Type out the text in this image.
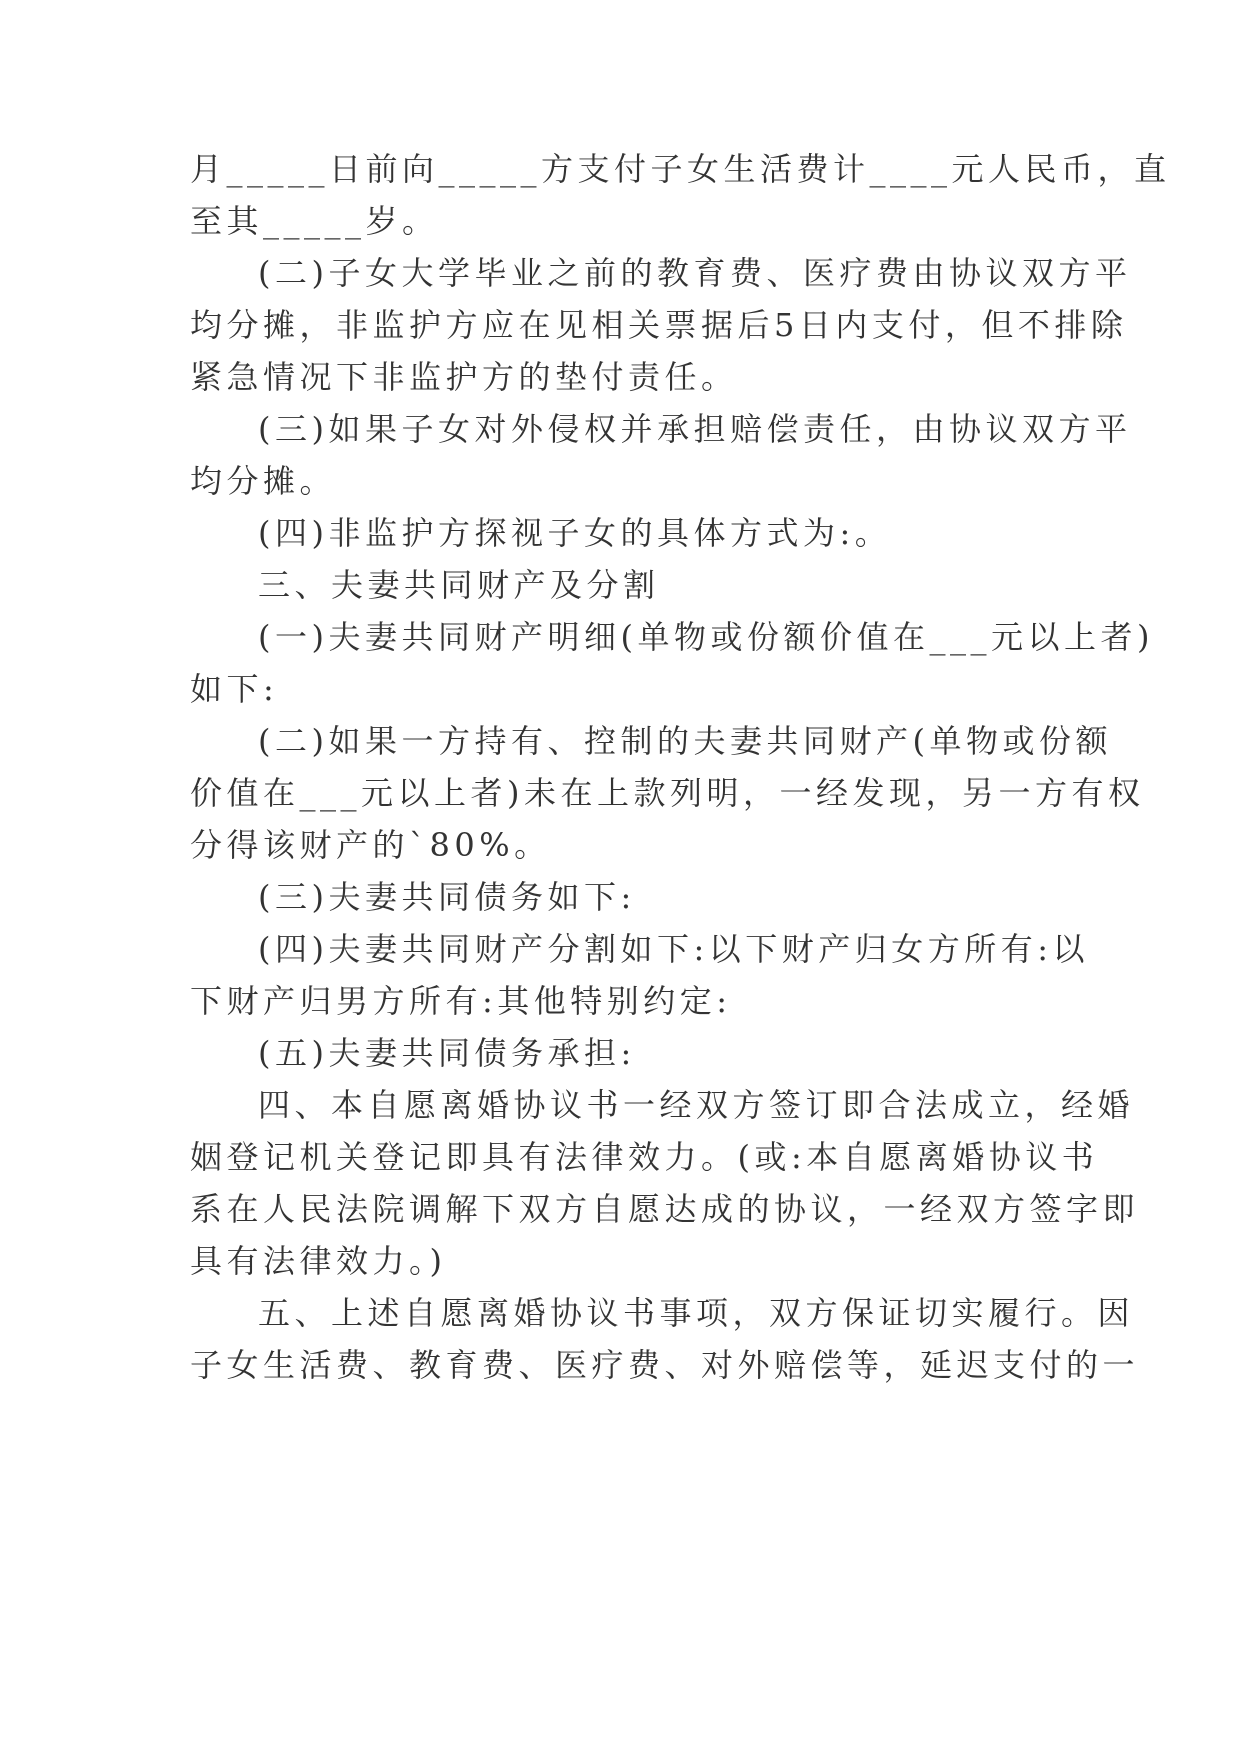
月_____日前向_____方支付子女生活费计____元人民币，直
至其_____岁。
(二)子女大学毕业之前的教育费、医疗费由协议双方平
均分摊，非监护方应在见相关票据后5日内支付，但不排除
紧急情况下非监护方的垫付责任。
(三)如果子女对外侵权并承担赔偿责任，由协议双方平
均分摊。
(四)非监护方探视子女的具体方式为:。
三、夫妻共同财产及分割
(一)夫妻共同财产明细(单物或份额价值在___元以上者)
如下:
(二)如果一方持有、控制的夫妻共同财产(单物或份额
价值在___元以上者)未在上款列明，一经发现，另一方有权
分得该财产的`80%。
(三)夫妻共同债务如下:
(四)夫妻共同财产分割如下:以下财产归女方所有:以
下财产归男方所有:其他特别约定:
(五)夫妻共同债务承担:
四、本自愿离婚协议书一经双方签订即合法成立，经婚
姻登记机关登记即具有法律效力。(或:本自愿离婚协议书
系在人民法院调解下双方自愿达成的协议，一经双方签字即
具有法律效力。)
五、上述自愿离婚协议书事项，双方保证切实履行。因
子女生活费、教育费、医疗费、对外赔偿等，延迟支付的一
